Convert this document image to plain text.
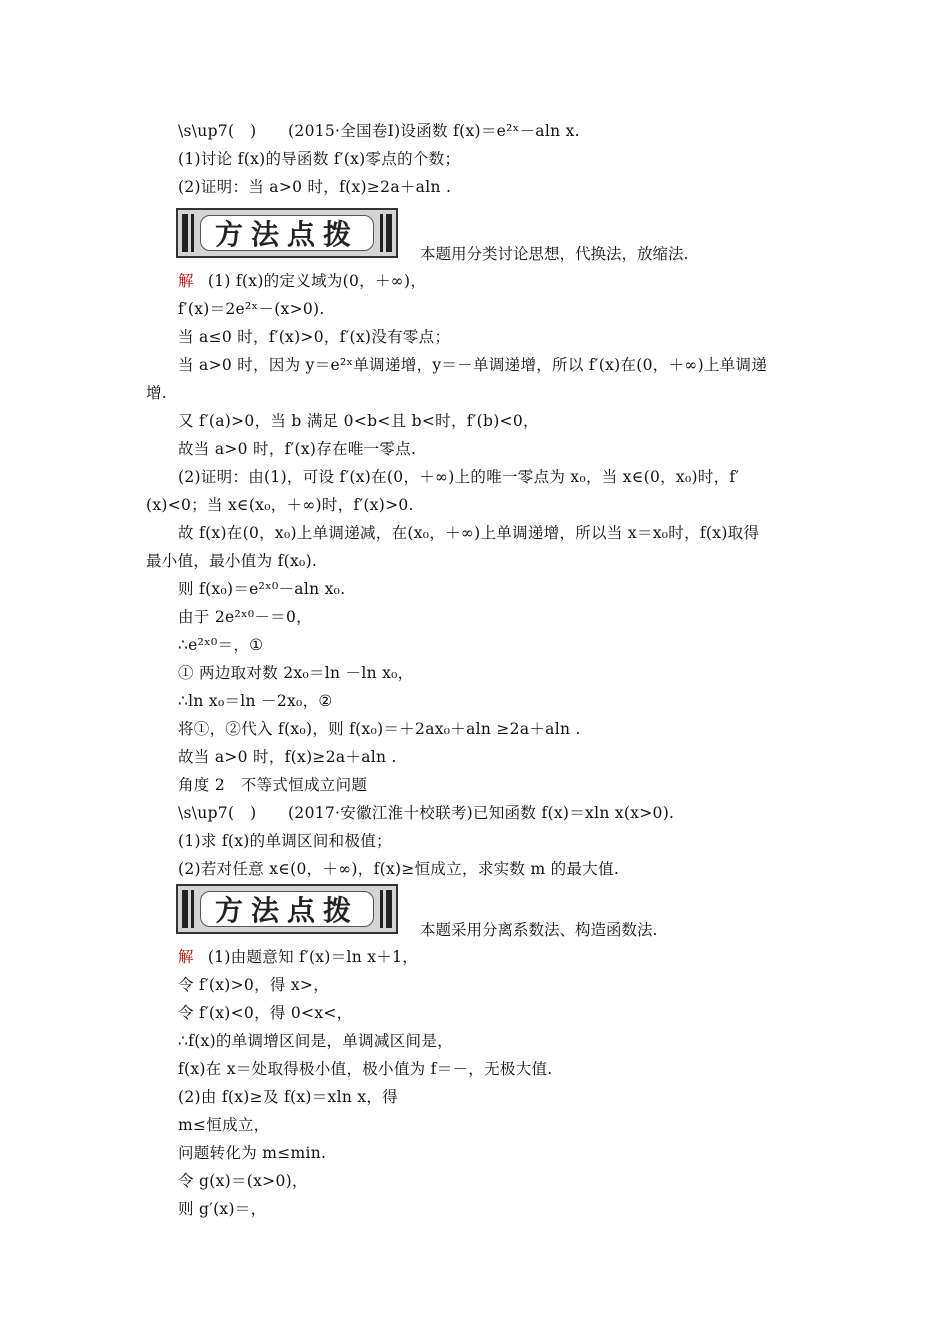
\s\up7(　)　　(2015·全国卷Ⅰ)设函数 f(x)＝e²ˣ－aln x.
(1)讨论 f(x)的导函数 f′(x)零点的个数；
(2)证明：当 a>0 时，f(x)≥2a＋aln .
方法点拨
本题用分类讨论思想，代换法，放缩法.
解 (1) f(x)的定义域为(0，＋∞)，
f′(x)＝2e²ˣ－(x>0).
当 a≤0 时，f′(x)>0，f′(x)没有零点；
当 a>0 时，因为 y＝e²ˣ单调递增，y＝－单调递增，所以 f′(x)在(0，＋∞)上单调递
增.
又 f′(a)>0，当 b 满足 0<b<且 b<时，f′(b)<0，
故当 a>0 时，f′(x)存在唯一零点.
(2)证明：由(1)，可设 f′(x)在(0，＋∞)上的唯一零点为 x₀，当 x∈(0，x₀)时，f′
(x)<0；当 x∈(x₀，＋∞)时，f′(x)>0.
故 f(x)在(0，x₀)上单调递减，在(x₀，＋∞)上单调递增，所以当 x＝x₀时，f(x)取得
最小值，最小值为 f(x₀).
则 f(x₀)＝e²ˣ⁰－aln x₀.
由于 2e²ˣ⁰－＝0，
∴e²ˣ⁰＝，①
① 两边取对数 2x₀＝ln －ln x₀，
∴ln x₀＝ln －2x₀，②
将①，②代入 f(x₀)，则 f(x₀)＝＋2ax₀＋aln ≥2a＋aln .
故当 a>0 时，f(x)≥2a＋aln .
角度 2　不等式恒成立问题
\s\up7(　)　　(2017·安徽江淮十校联考)已知函数 f(x)＝xln x(x>0).
(1)求 f(x)的单调区间和极值；
(2)若对任意 x∈(0，＋∞)，f(x)≥恒成立，求实数 m 的最大值.
方法点拨
本题采用分离系数法、构造函数法.
解 (1)由题意知 f′(x)＝ln x＋1，
令 f′(x)>0，得 x>，
令 f′(x)<0，得 0<x<，
∴f(x)的单调增区间是，单调减区间是，
f(x)在 x＝处取得极小值，极小值为 f＝－，无极大值.
(2)由 f(x)≥及 f(x)＝xln x，得
m≤恒成立，
问题转化为 m≤min.
令 g(x)＝(x>0)，
则 g′(x)＝，
